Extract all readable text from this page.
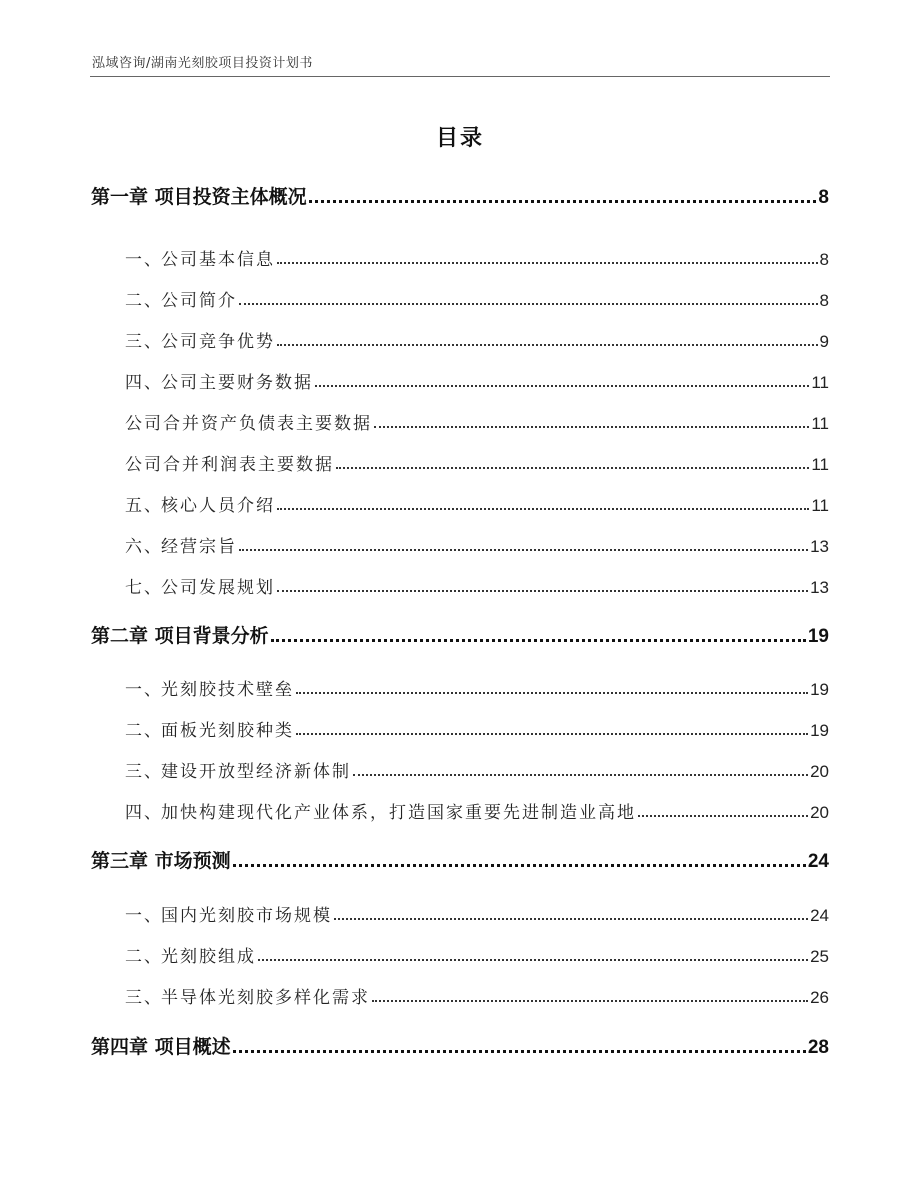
泓域咨询/湖南光刻胶项目投资计划书
目录
第一章 项目投资主体概况	8
一、公司基本信息	8
二、公司简介	8
三、公司竞争优势	9
四、公司主要财务数据	11
公司合并资产负债表主要数据	11
公司合并利润表主要数据	11
五、核心人员介绍	11
六、经营宗旨	13
七、公司发展规划	13
第二章 项目背景分析	19
一、光刻胶技术壁垒	19
二、面板光刻胶种类	19
三、建设开放型经济新体制	20
四、加快构建现代化产业体系，打造国家重要先进制造业高地	20
第三章 市场预测	24
一、国内光刻胶市场规模	24
二、光刻胶组成	25
三、半导体光刻胶多样化需求	26
第四章 项目概述	28
